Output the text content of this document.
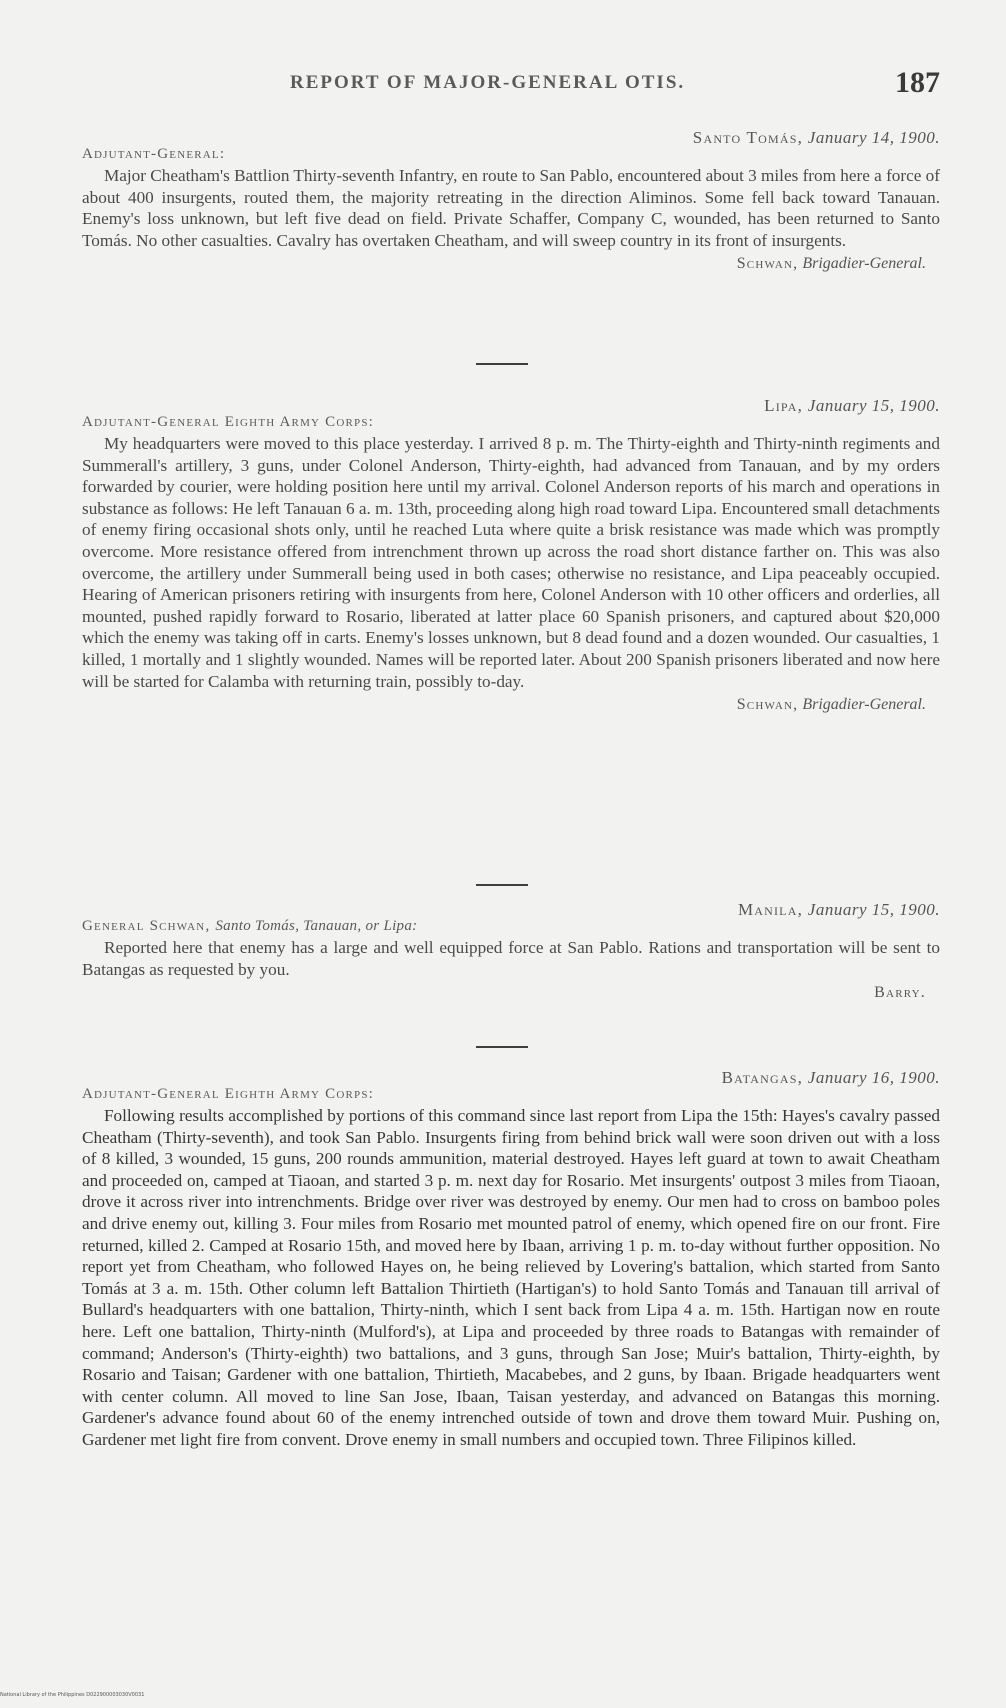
REPORT OF MAJOR-GENERAL OTIS.	187
Santo Tomás, January 14, 1900.
Adjutant-General:
Major Cheatham's Battlion Thirty-seventh Infantry, en route to San Pablo, encountered about 3 miles from here a force of about 400 insurgents, routed them, the majority retreating in the direction Aliminos. Some fell back toward Tanauan. Enemy's loss unknown, but left five dead on field. Private Schaffer, Company C, wounded, has been returned to Santo Tomás. No other casualties. Cavalry has overtaken Cheatham, and will sweep country in its front of insurgents.
Schwan, Brigadier-General.
Lipa, January 15, 1900.
Adjutant-General Eighth Army Corps:
My headquarters were moved to this place yesterday. I arrived 8 p. m. The Thirty-eighth and Thirty-ninth regiments and Summerall's artillery, 3 guns, under Colonel Anderson, Thirty-eighth, had advanced from Tanauan, and by my orders forwarded by courier, were holding position here until my arrival. Colonel Anderson reports of his march and operations in substance as follows: He left Tanauan 6 a. m. 13th, proceeding along high road toward Lipa. Encountered small detachments of enemy firing occasional shots only, until he reached Luta where quite a brisk resistance was made which was promptly overcome. More resistance offered from intrenchment thrown up across the road short distance farther on. This was also overcome, the artillery under Summerall being used in both cases; otherwise no resistance, and Lipa peaceably occupied. Hearing of American prisoners retiring with insurgents from here, Colonel Anderson with 10 other officers and orderlies, all mounted, pushed rapidly forward to Rosario, liberated at latter place 60 Spanish prisoners, and captured about $20,000 which the enemy was taking off in carts. Enemy's losses unknown, but 8 dead found and a dozen wounded. Our casualties, 1 killed, 1 mortally and 1 slightly wounded. Names will be reported later. About 200 Spanish prisoners liberated and now here will be started for Calamba with returning train, possibly to-day.
Schwan, Brigadier-General.
Manila, January 15, 1900.
General Schwan, Santo Tomás, Tanauan, or Lipa:
Reported here that enemy has a large and well equipped force at San Pablo. Rations and transportation will be sent to Batangas as requested by you.
Barry.
Batangas, January 16, 1900.
Adjutant-General Eighth Army Corps:
Following results accomplished by portions of this command since last report from Lipa the 15th: Hayes's cavalry passed Cheatham (Thirty-seventh), and took San Pablo. Insurgents firing from behind brick wall were soon driven out with a loss of 8 killed, 3 wounded, 15 guns, 200 rounds ammunition, material destroyed. Hayes left guard at town to await Cheatham and proceeded on, camped at Tiaoan, and started 3 p. m. next day for Rosario. Met insurgents' outpost 3 miles from Tiaoan, drove it across river into intrenchments. Bridge over river was destroyed by enemy. Our men had to cross on bamboo poles and drive enemy out, killing 3. Four miles from Rosario met mounted patrol of enemy, which opened fire on our front. Fire returned, killed 2. Camped at Rosario 15th, and moved here by Ibaan, arriving 1 p. m. to-day without further opposition. No report yet from Cheatham, who followed Hayes on, he being relieved by Lovering's battalion, which started from Santo Tomás at 3 a. m. 15th. Other column left Battalion Thirtieth (Hartigan's) to hold Santo Tomás and Tanauan till arrival of Bullard's headquarters with one battalion, Thirty-ninth, which I sent back from Lipa 4 a. m. 15th. Hartigan now en route here. Left one battalion, Thirty-ninth (Mulford's), at Lipa and proceeded by three roads to Batangas with remainder of command; Anderson's (Thirty-eighth) two battalions, and 3 guns, through San Jose; Muir's battalion, Thirty-eighth, by Rosario and Taisan; Gardener with one battalion, Thirtieth, Macabebes, and 2 guns, by Ibaan. Brigade headquarters went with center column. All moved to line San Jose, Ibaan, Taisan yesterday, and advanced on Batangas this morning. Gardener's advance found about 60 of the enemy intrenched outside of town and drove them toward Muir. Pushing on, Gardener met light fire from convent. Drove enemy in small numbers and occupied town. Three Filipinos killed.
National Library of the Philippines D022900003030V0031
